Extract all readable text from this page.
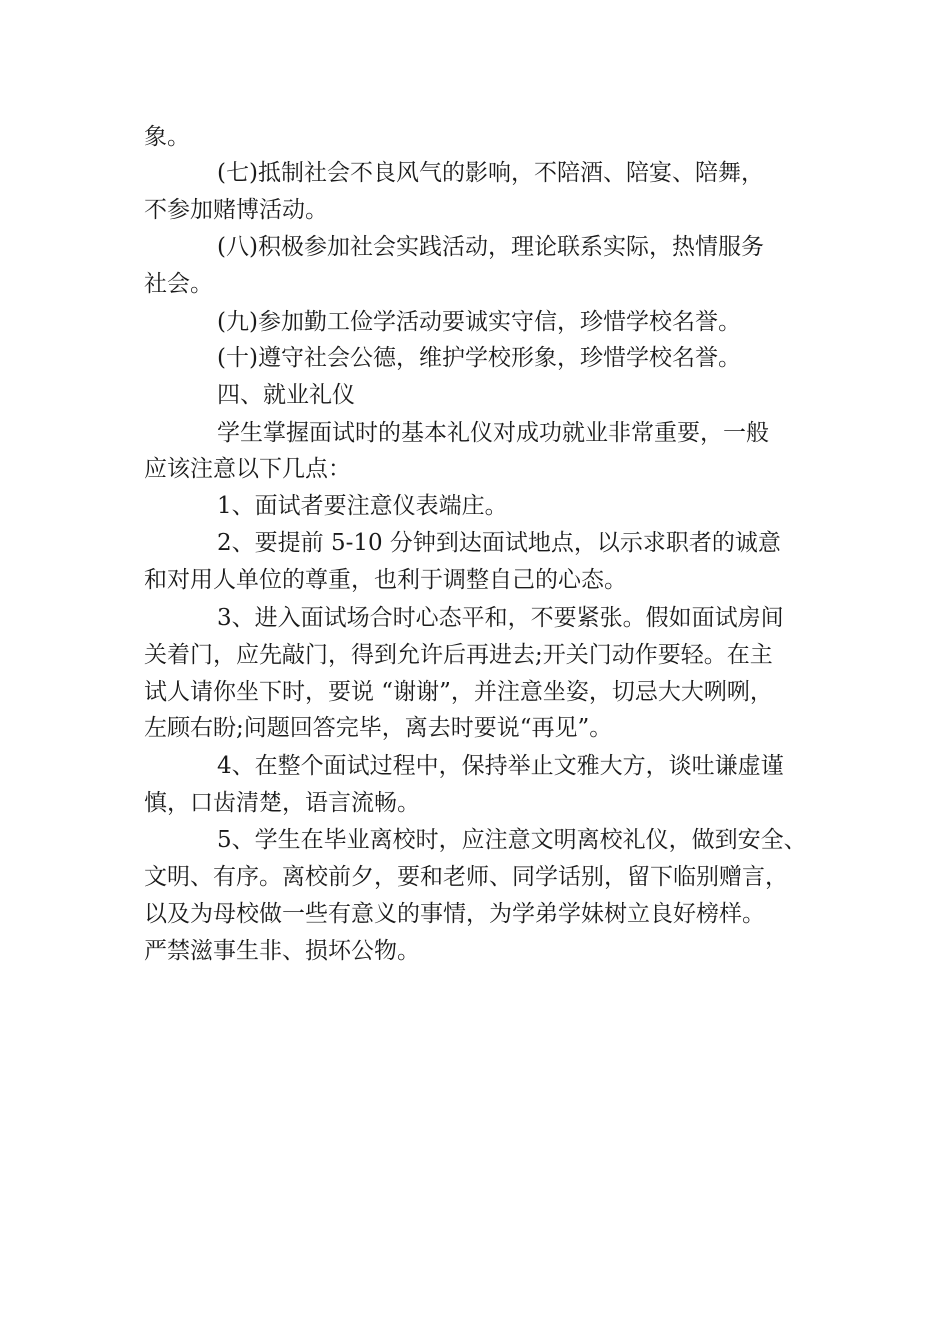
象。
(七)抵制社会不良风气的影响，不陪酒、陪宴、陪舞，
不参加赌博活动。
(八)积极参加社会实践活动，理论联系实际，热情服务
社会。
(九)参加勤工俭学活动要诚实守信，珍惜学校名誉。
(十)遵守社会公德，维护学校形象，珍惜学校名誉。
四、就业礼仪
学生掌握面试时的基本礼仪对成功就业非常重要，一般
应该注意以下几点：
1、面试者要注意仪表端庄。
2、要提前 5-10 分钟到达面试地点，以示求职者的诚意
和对用人单位的尊重，也利于调整自己的心态。
3、进入面试场合时心态平和，不要紧张。假如面试房间
关着门，应先敲门，得到允许后再进去;开关门动作要轻。在主
试人请你坐下时，要说 “谢谢”，并注意坐姿，切忌大大咧咧，
左顾右盼;问题回答完毕，离去时要说“再见”。
4、在整个面试过程中，保持举止文雅大方，谈吐谦虚谨
慎，口齿清楚，语言流畅。
5、学生在毕业离校时，应注意文明离校礼仪，做到安全、
文明、有序。离校前夕，要和老师、同学话别，留下临别赠言，
以及为母校做一些有意义的事情，为学弟学妹树立良好榜样。
严禁滋事生非、损坏公物。
